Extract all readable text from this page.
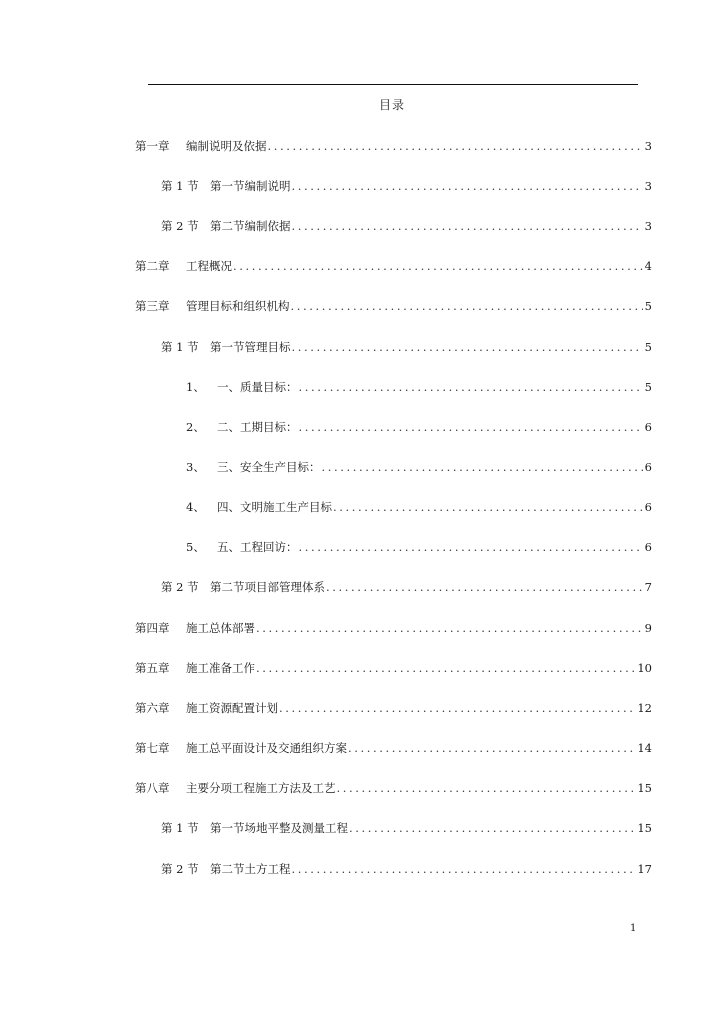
目录
第一章	编制说明及依据 .....	3
第 1 节 第一节编制说明 .....	3
第 2 节 第二节编制依据 .....	3
第二章	工程概况 .....	4
第三章	管理目标和组织机构 .....	5
第 1 节 第一节管理目标 .....	5
1、	一、质量目标： .....	5
2、	二、工期目标： .....	6
3、	三、安全生产目标： .....	6
4、	四、文明施工生产目标 .....	6
5、	五、工程回访： .....	6
第 2 节 第二节项目部管理体系 .....	7
第四章	施工总体部署 .....	9
第五章	施工准备工作 .....	10
第六章	施工资源配置计划 .....	12
第七章	施工总平面设计及交通组织方案 .....	14
第八章	主要分项工程施工方法及工艺 .....	15
第 1 节 第一节场地平整及测量工程 .....	15
第 2 节 第二节土方工程 .....	17
1
